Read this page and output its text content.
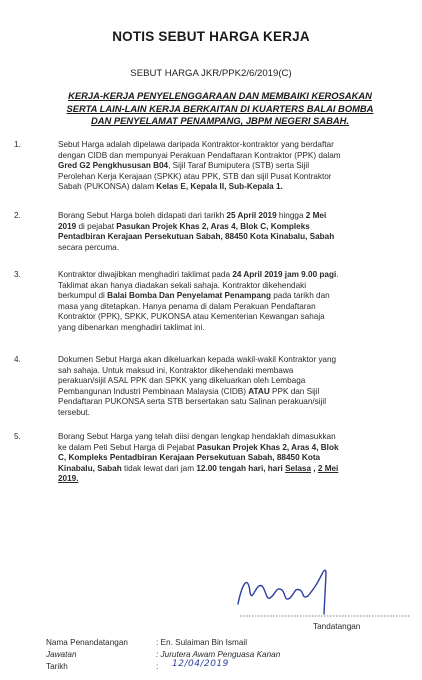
NOTIS SEBUT HARGA KERJA
SEBUT HARGA JKR/PPK2/6/2019(C)
KERJA-KERJA PENYELENGGARAAN DAN MEMBAIKI KEROSAKAN
SERTA LAIN-LAIN KERJA BERKAITAN DI KUARTERS BALAI BOMBA
DAN PENYELAMAT PENAMPANG, JBPM NEGERI SABAH.
1.	Sebut Harga adalah dipelawa daripada Kontraktor-kontraktor yang berdaftar
dengan CIDB dan mempunyai Perakuan Pendaftaran Kontraktor (PPK) dalam
Gred G2 Pengkhususan B04, Sijil Taraf Bumiputera (STB) serta Sijil
Perolehan Kerja Kerajaan (SPKK) atau PPK, STB dan sijil Pusat Kontraktor
Sabah (PUKONSA) dalam Kelas E, Kepala II, Sub-Kepala 1.
2.	Borang Sebut Harga boleh didapati dari tarikh 25 April 2019 hingga 2 Mei
2019 di pejabat Pasukan Projek Khas 2, Aras 4, Blok C, Kompleks
Pentadbiran Kerajaan Persekutuan Sabah, 88450 Kota Kinabalu, Sabah
secara percuma.
3.	Kontraktor diwajibkan menghadiri taklimat pada 24 April 2019 jam 9.00 pagi.
Taklimat akan hanya diadakan sekali sahaja. Kontraktor dikehendaki
berkumpul di Balai Bomba Dan Penyelamat Penampang pada tarikh dan
masa yang ditetapkan. Hanya penama di dalam Perakuan Pendaftaran
Kontraktor (PPK), SPKK, PUKONSA atau Kementerian Kewangan sahaja
yang dibenarkan menghadiri taklimat ini.
4.	Dokumen Sebut Harga akan dikeluarkan kepada wakil-wakil Kontraktor yang
sah sahaja. Untuk maksud ini, Kontraktor dikehendaki membawa
perakuan/sijil ASAL PPK dan SPKK yang dikeluarkan oleh Lembaga
Pembangunan Industri Pembinaan Malaysia (CIDB) ATAU PPK dan Sijil
Pendaftaran PUKONSA serta STB bersertakan satu Salinan perakuan/sijil
tersebut.
5.	Borang Sebut Harga yang telah diisi dengan lengkap hendaklah dimasukkan
ke dalam Peti Sebut Harga di Pejabat Pasukan Projek Khas 2, Aras 4, Blok
C, Kompleks Pentadbiran Kerajaan Persekutuan Sabah, 88450 Kota
Kinabalu, Sabah tidak lewat dari jam 12.00 tengah hari, hari Selasa , 2 Mei
2019.
Tandatangan
Nama Penandatangan	: En. Sulaiman Bin Ismail
Jawatan	: Jurutera Awam Penguasa Kanan
Tarikh	: 12/04/2019
